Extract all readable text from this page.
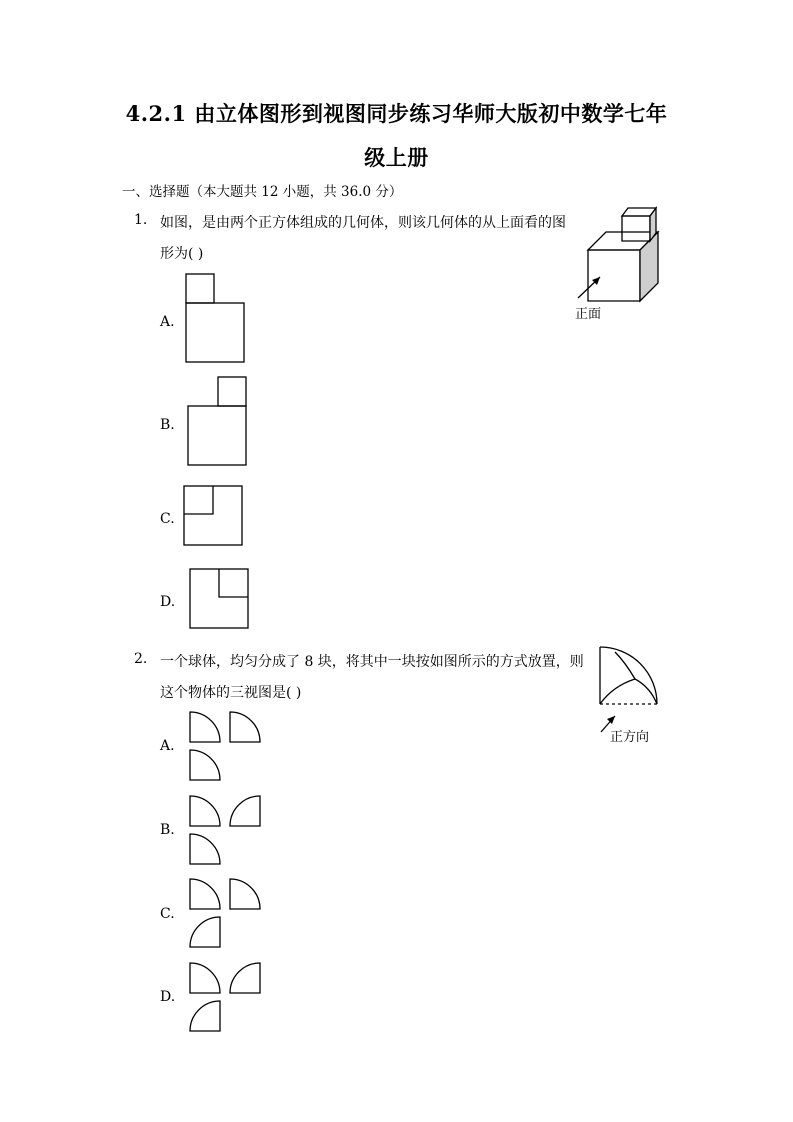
4.2.1 由立体图形到视图同步练习华师大版初中数学七年
级上册
一、选择题（本大题共 12 小题，共 36.0 分）
1. 如图，是由两个正方体组成的几何体，则该几何体的从上面看的图
形为( )
正面
A.
B.
C.
D.
2. 一个球体，均匀分成了 8 块，将其中一块按如图所示的方式放置，则
这个物体的三视图是( )
正方向
A.
B.
C.
D.
